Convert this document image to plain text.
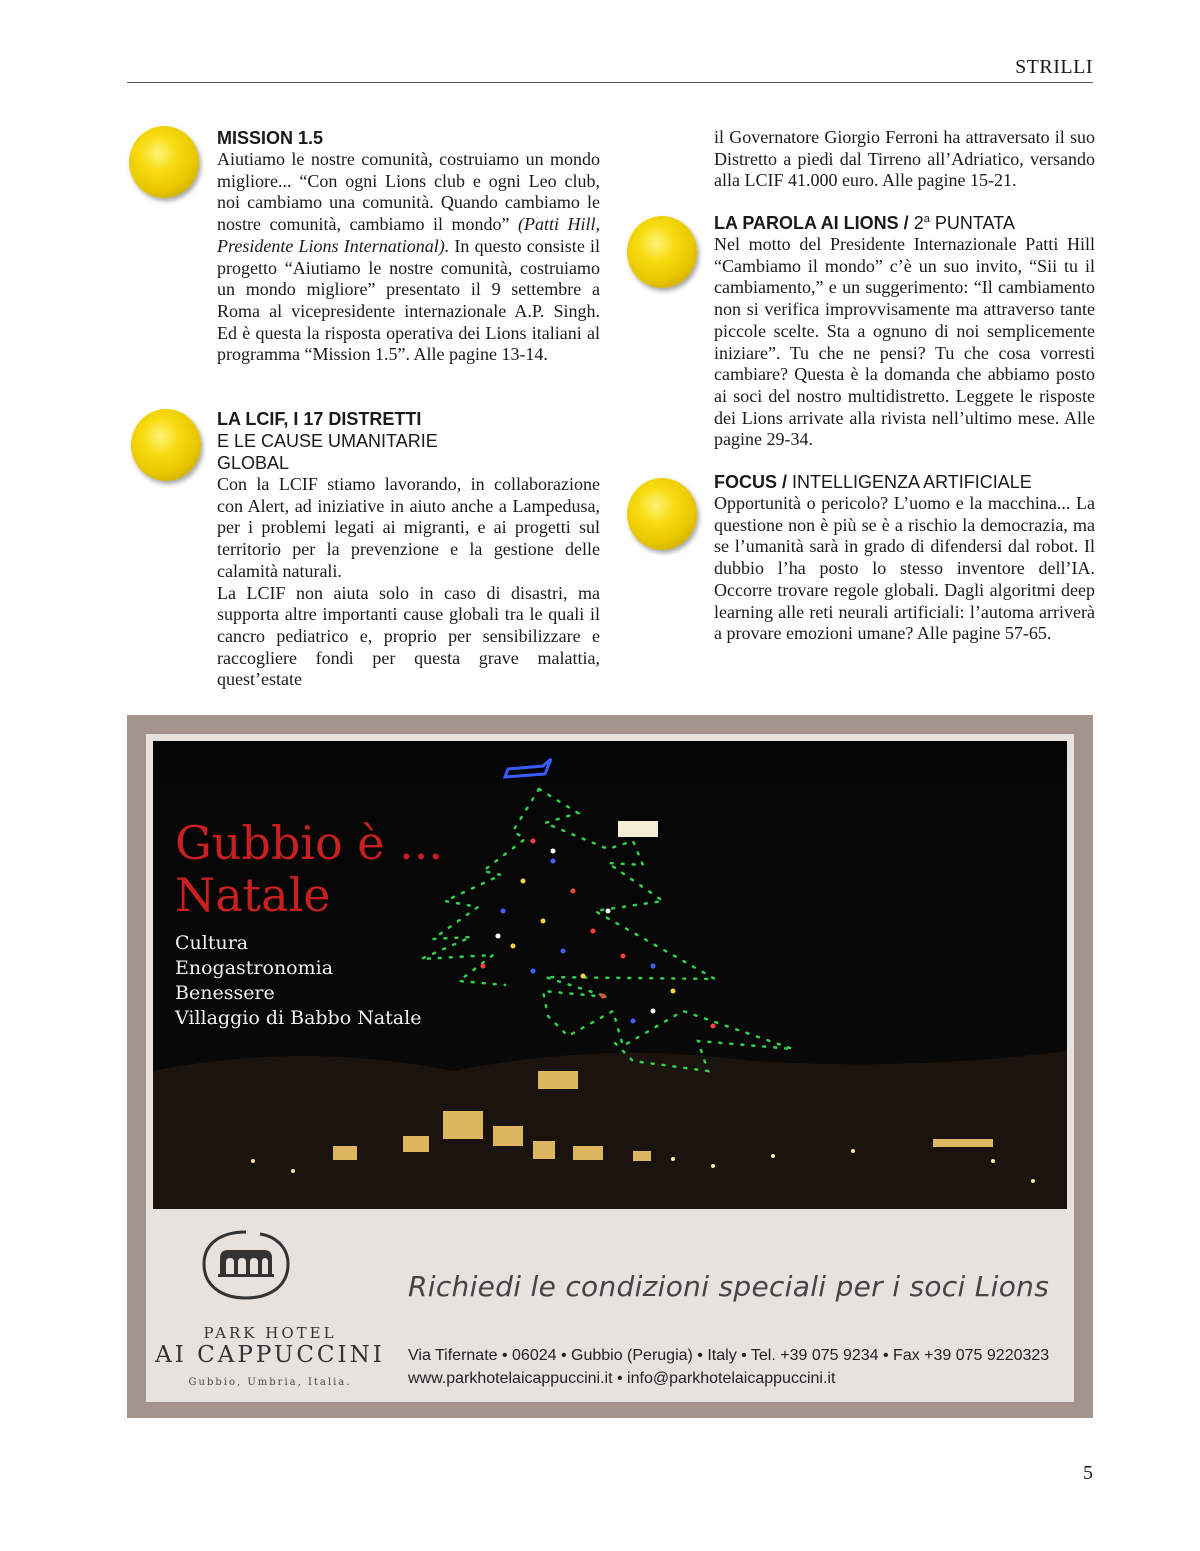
STRILLI
MISSION 1.5

Aiutiamo le nostre comunità, costruiamo un mondo migliore... “Con ogni Lions club e ogni Leo club, noi cambiamo una comunità. Quando cambiamo le nostre comunità, cambiamo il mondo” (Patti Hill, Presidente Lions International). In questo consiste il progetto “Aiutiamo le nostre comunità, costruiamo un mondo migliore” presentato il 9 settembre a Roma al vicepresidente internazionale A.P. Singh. Ed è questa la risposta operativa dei Lions italiani al programma “Mission 1.5”. Alle pagine 13-14.

LA LCIF, I 17 DISTRETTI
E LE CAUSE UMANITARIE
GLOBAL

Con la LCIF stiamo lavorando, in collaborazione con Alert, ad iniziative in aiuto anche a Lampedusa, per i problemi legati ai migranti, e ai progetti sul territorio per la prevenzione e la gestione delle calamità naturali.

La LCIF non aiuta solo in caso di disastri, ma supporta altre importanti cause globali tra le quali il cancro pediatrico e, proprio per sensibilizzare e raccogliere fondi per questa grave malattia, quest’estate

il Governatore Giorgio Ferroni ha attraversato il suo Distretto a piedi dal Tirreno all’Adriatico, versando alla LCIF 41.000 euro. Alle pagine 15-21.

LA PAROLA AI LIONS / 2$^a$ PUNTATA

Nel motto del Presidente Internazionale Patti Hill “Cambiamo il mondo” c’è un suo invito, “Sii tu il cambiamento,” e un suggerimento: “Il cambiamento non si verifica improvvisamente ma attraverso tante piccole scelte. Sta a ognuno di noi semplicemente iniziare”. Tu che ne pensi? Tu che cosa vorresti cambiare? Questa è la domanda che abbiamo posto ai soci del nostro multidistretto. Leggete le risposte dei Lions arrivate alla rivista nell’ultimo mese. Alle pagine 29-34.

FOCUS / INTELLIGENZA ARTIFICIALE

Opportunità o pericolo? L’uomo e la macchina... La questione non è più se è a rischio la democrazia, ma se l’umanità sarà in grado di difendersi dal robot. Il dubbio l’ha posto lo stesso inventore dell’IA. Occorre trovare regole globali. Dagli algoritmi deep learning alle reti neurali artificiali: l’automa arriverà a provare emozioni umane? Alle pagine 57-65.

Gubbio è ...
Natale
Cultura
Enogastronomia
Benessere
Villaggio di Babbo Natale
PARK HOTEL
AI CAPPUCCINI
Gubbio, Umbria, Italia.
Richiedi le condizioni speciali per i soci Lions
Via Tifernate • 06024 • Gubbio (Perugia) • Italy • Tel. +39 075 9234 • Fax +39 075 9220323
www.parkhotelaicappuccini.it • info@parkhotelaicappuccini.it
5
